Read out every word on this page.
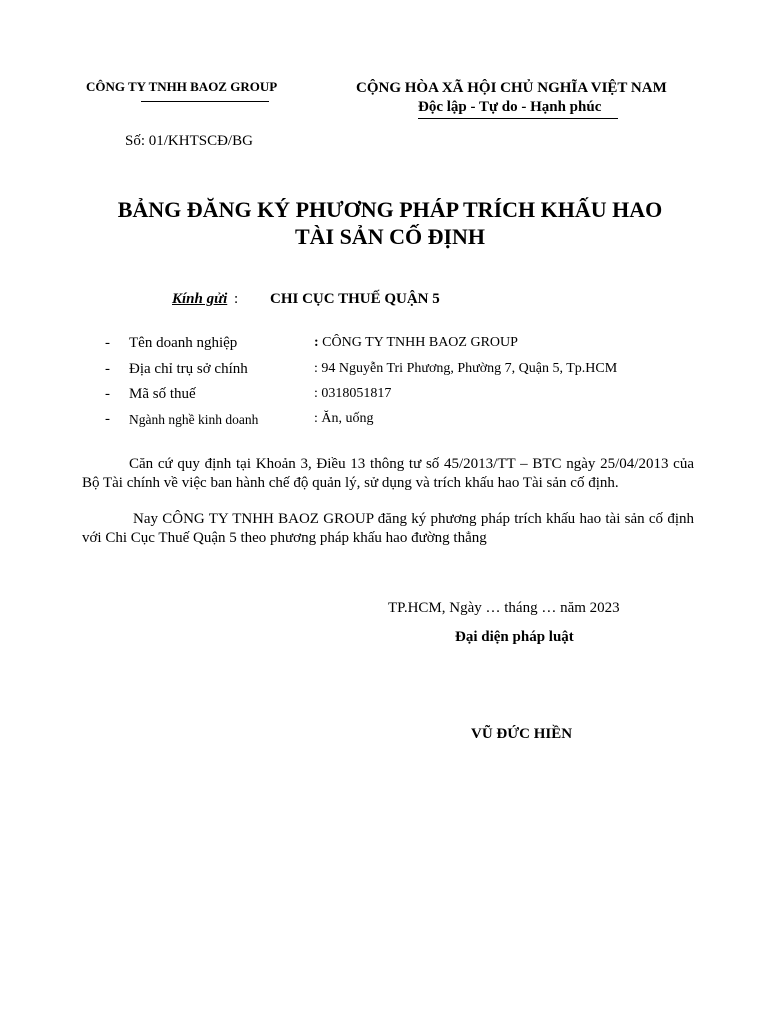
CÔNG TY TNHH BAOZ GROUP	CỘNG HÒA XÃ HỘI CHỦ NGHĨA VIỆT NAM
Độc lập - Tự do - Hạnh phúc
Số: 01/KHTSCĐ/BG
BẢNG ĐĂNG KÝ PHƯƠNG PHÁP TRÍCH KHẤU HAO
TÀI SẢN CỐ ĐỊNH
Kính gửi : CHI CỤC THUẾ QUẬN 5
- Tên doanh nghiệp	: CÔNG TY TNHH BAOZ GROUP
- Địa chỉ trụ sở chính	: 94 Nguyễn Tri Phương, Phường 7, Quận 5, Tp.HCM
- Mã số thuế	: 0318051817
- Ngành nghề kinh doanh	: Ăn, uống
Căn cứ quy định tại Khoản 3, Điều 13 thông tư số 45/2013/TT – BTC ngày 25/04/2013 của Bộ Tài chính về việc ban hành chế độ quản lý, sử dụng và trích khấu hao Tài sản cố định.
Nay CÔNG TY TNHH BAOZ GROUP đăng ký phương pháp trích khấu hao tài sản cố định với Chi Cục Thuế Quận 5 theo phương pháp khấu hao đường thẳng
TP.HCM, Ngày … tháng … năm 2023
Đại diện pháp luật
VŨ ĐỨC HIỀN
